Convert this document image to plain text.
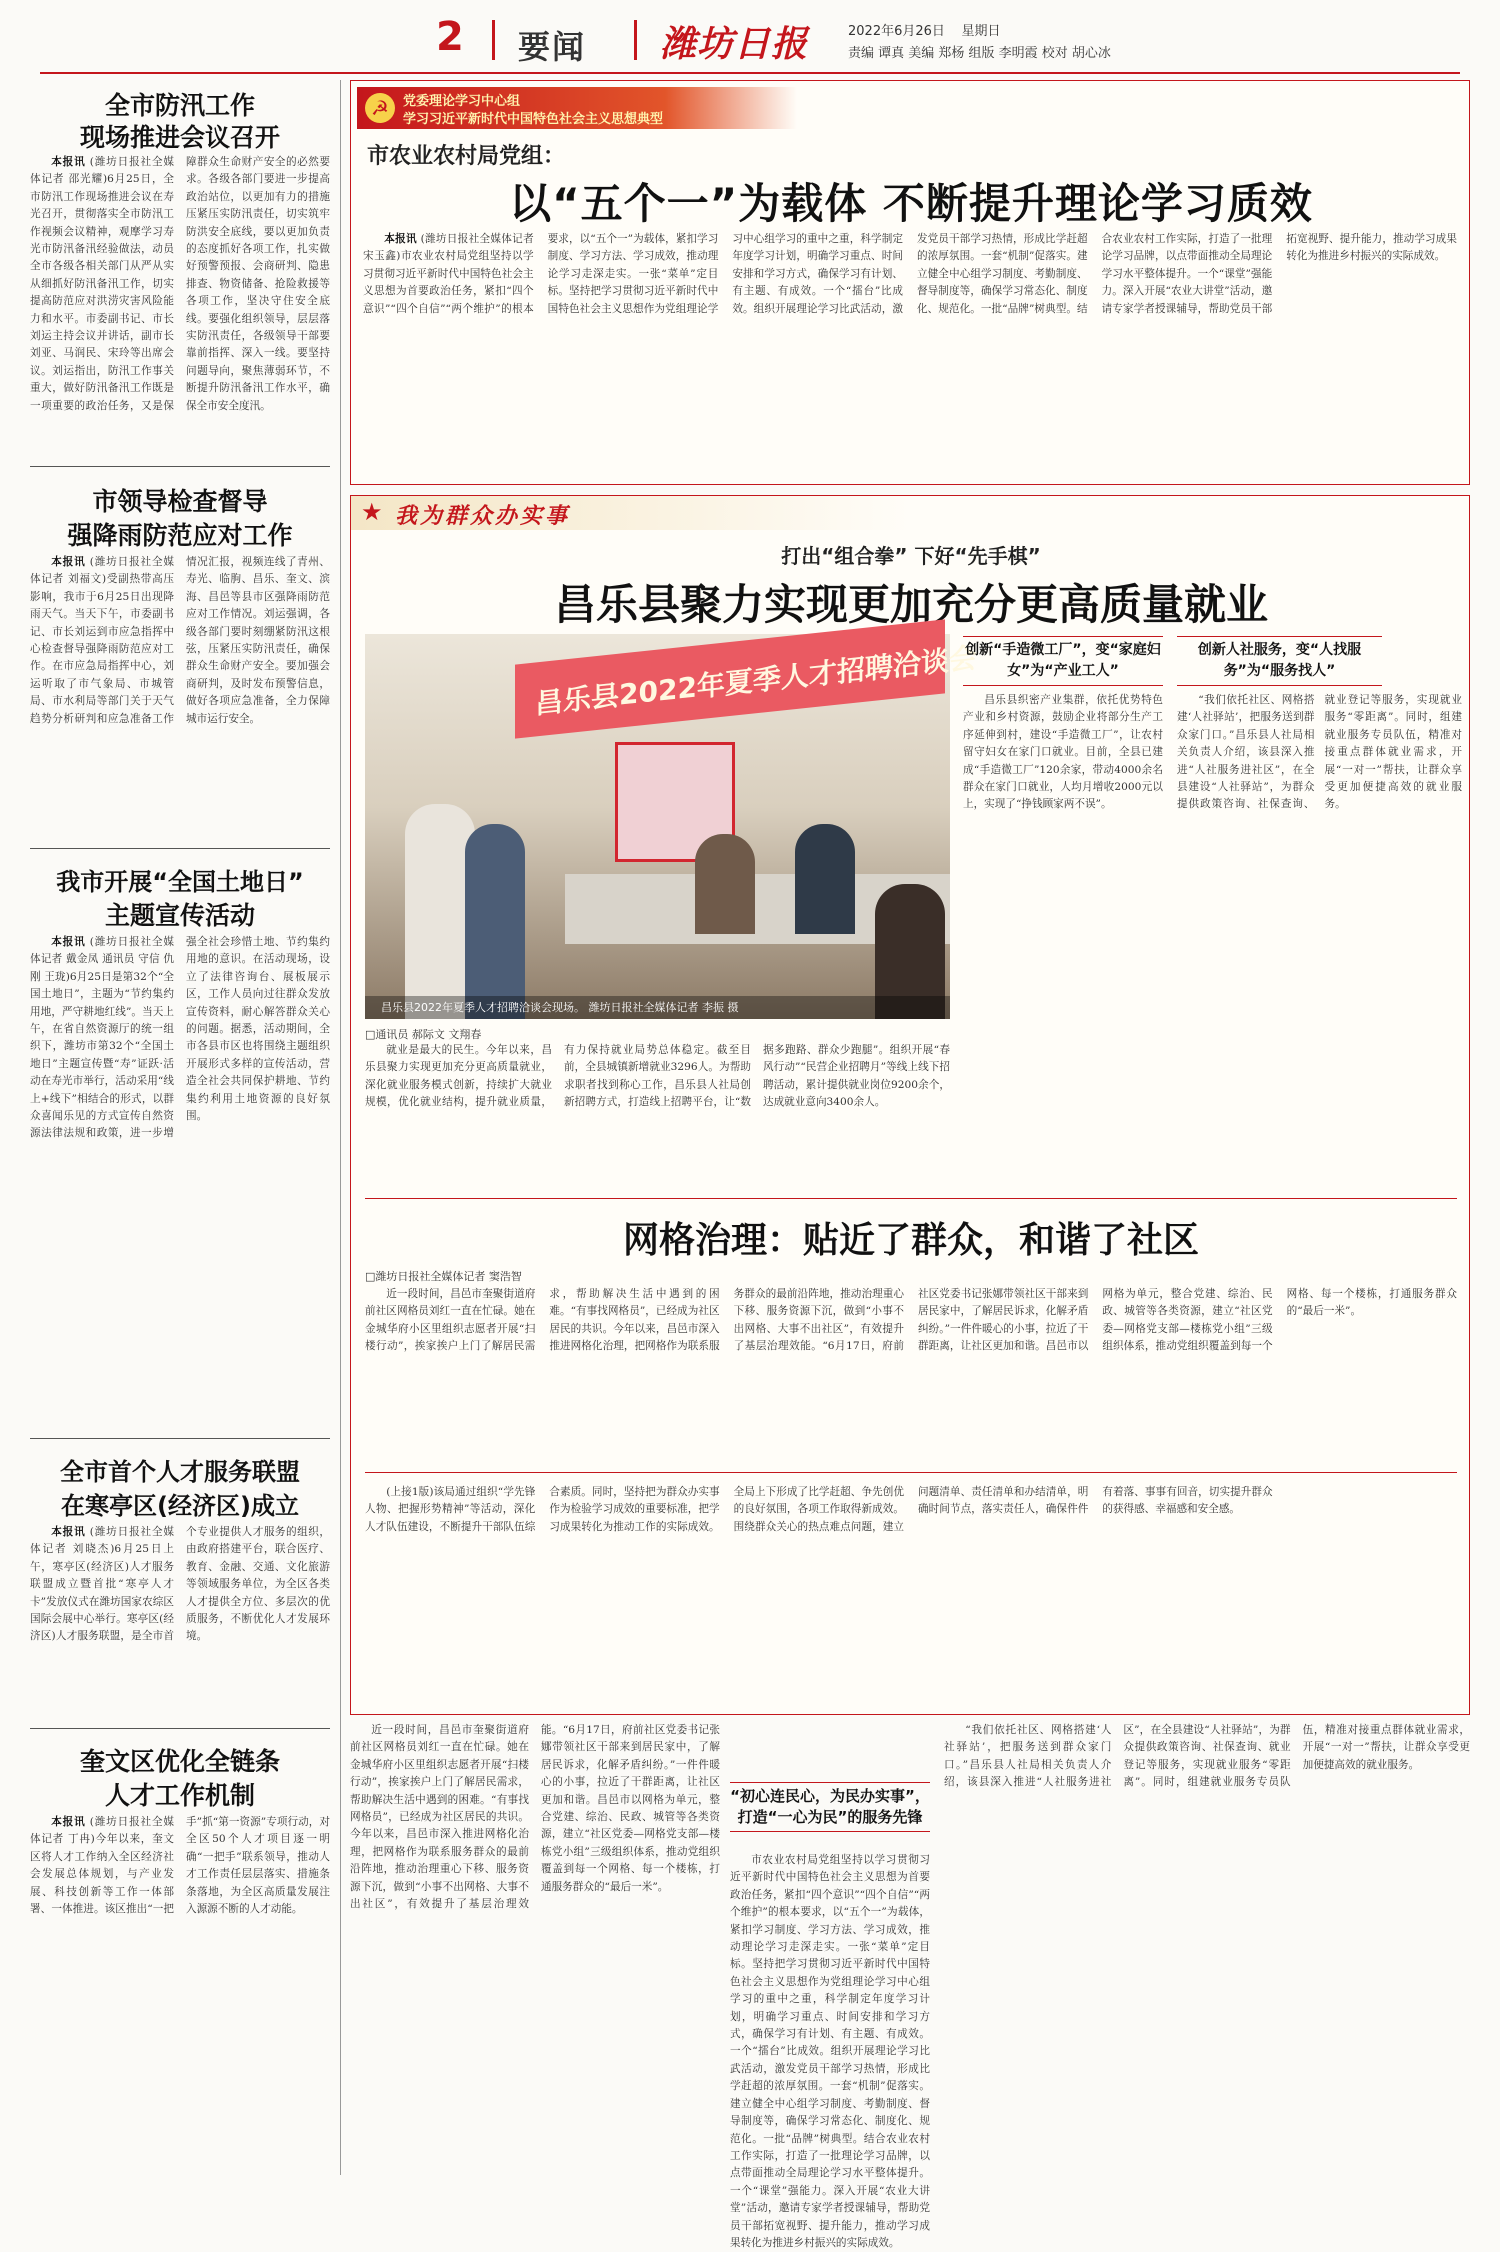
2 要闻 潍坊日报	2022年6月26日 星期日
责编 谭真 美编 郑杨 组版 李明霞 校对 胡心冰
全市防汛工作
现场推进会议召开

本报讯 (潍坊日报社全媒体记者 邵光耀)6月25日，全市防汛工作现场推进会议在寿光召开，贯彻落实全市防汛工作视频会议精神，观摩学习寿光市防汛备汛经验做法，动员全市各级各相关部门从严从实从细抓好防汛备汛工作，切实提高防范应对洪涝灾害风险能力和水平。市委副书记、市长刘运主持会议并讲话，副市长刘亚、马润民、宋玲等出席会议。刘运指出，防汛工作事关重大，做好防汛备汛工作既是一项重要的政治任务，又是保障群众生命财产安全的必然要求。各级各部门要进一步提高政治站位，以更加有力的措施压紧压实防汛责任，切实筑牢防洪安全底线，要以更加负责的态度抓好各项工作，扎实做好预警预报、会商研判、隐患排查、物资储备、抢险救援等各项工作，坚决守住安全底线。要强化组织领导，层层落实防汛责任，各级领导干部要靠前指挥、深入一线。要坚持问题导向，聚焦薄弱环节，不断提升防汛备汛工作水平，确保全市安全度汛。

市领导检查督导
强降雨防范应对工作

本报讯 (潍坊日报社全媒体记者 刘福文)受副热带高压影响，我市于6月25日出现降雨天气。当天下午，市委副书记、市长刘运到市应急指挥中心检查督导强降雨防范应对工作。在市应急局指挥中心，刘运听取了市气象局、市城管局、市水利局等部门关于天气趋势分析研判和应急准备工作情况汇报，视频连线了青州、寿光、临朐、昌乐、奎文、滨海、昌邑等县市区强降雨防范应对工作情况。刘运强调，各级各部门要时刻绷紧防汛这根弦，压紧压实防汛责任，确保群众生命财产安全。要加强会商研判，及时发布预警信息，做好各项应急准备，全力保障城市运行安全。

我市开展“全国土地日”
主题宣传活动

本报讯 (潍坊日报社全媒体记者 戴金凤 通讯员 守信 仇刚 王珑)6月25日是第32个“全国土地日”，主题为“节约集约用地，严守耕地红线”。当天上午，在省自然资源厅的统一组织下，潍坊市第32个“全国土地日”主题宣传暨“寿”证跃·活动在寿光市举行，活动采用“线上+线下”相结合的形式，以群众喜闻乐见的方式宣传自然资源法律法规和政策，进一步增强全社会珍惜土地、节约集约用地的意识。在活动现场，设立了法律咨询台、展板展示区，工作人员向过往群众发放宣传资料，耐心解答群众关心的问题。据悉，活动期间，全市各县市区也将围绕主题组织开展形式多样的宣传活动，营造全社会共同保护耕地、节约集约利用土地资源的良好氛围。

全市首个人才服务联盟
在寒亭区(经济区)成立

本报讯 (潍坊日报社全媒体记者 刘晓杰)6月25日上午，寒亭区(经济区)人才服务联盟成立暨首批“寒亭人才卡”发放仪式在潍坊国家农综区国际会展中心举行。寒亭区(经济区)人才服务联盟，是全市首个专业提供人才服务的组织，由政府搭建平台，联合医疗、教育、金融、交通、文化旅游等领域服务单位，为全区各类人才提供全方位、多层次的优质服务，不断优化人才发展环境。

奎文区优化全链条
人才工作机制

本报讯 (潍坊日报社全媒体记者 丁冉)今年以来，奎文区将人才工作纳入全区经济社会发展总体规划，与产业发展、科技创新等工作一体部署、一体推进。该区推出“一把手”抓“第一资源”专项行动，对全区50个人才项目逐一明确“一把手”联系领导，推动人才工作责任层层落实、措施条条落地，为全区高质量发展注入源源不断的人才动能。

☭	党委理论学习中心组
学习习近平新时代中国特色社会主义思想典型
市农业农村局党组：
以“五个一”为载体 不断提升理论学习质效

本报讯 (潍坊日报社全媒体记者 宋玉鑫)市农业农村局党组坚持以学习贯彻习近平新时代中国特色社会主义思想为首要政治任务，紧扣“四个意识”“四个自信”“两个维护”的根本要求，以“五个一”为载体，紧扣学习制度、学习方法、学习成效，推动理论学习走深走实。一张“菜单”定目标。坚持把学习贯彻习近平新时代中国特色社会主义思想作为党组理论学习中心组学习的重中之重，科学制定年度学习计划，明确学习重点、时间安排和学习方式，确保学习有计划、有主题、有成效。一个“擂台”比成效。组织开展理论学习比武活动，激发党员干部学习热情，形成比学赶超的浓厚氛围。一套“机制”促落实。建立健全中心组学习制度、考勤制度、督导制度等，确保学习常态化、制度化、规范化。一批“品牌”树典型。结合农业农村工作实际，打造了一批理论学习品牌，以点带面推动全局理论学习水平整体提升。一个“课堂”强能力。深入开展“农业大讲堂”活动，邀请专家学者授课辅导，帮助党员干部拓宽视野、提升能力，推动学习成果转化为推进乡村振兴的实际成效。

★ 我为群众办实事
打出“组合拳” 下好“先手棋”
昌乐县聚力实现更加充分更高质量就业
昌乐县2022年夏季人才招聘洽谈会
昌乐县2022年夏季人才招聘洽谈会现场。 潍坊日报社全媒体记者 李振 摄
□通讯员 郝际文 文翔春

就业是最大的民生。今年以来，昌乐县聚力实现更加充分更高质量就业，深化就业服务模式创新，持续扩大就业规模，优化就业结构，提升就业质量，有力保持就业局势总体稳定。截至目前，全县城镇新增就业3296人。为帮助求职者找到称心工作，昌乐县人社局创新招聘方式，打造线上招聘平台，让“数据多跑路、群众少跑腿”。组织开展“春风行动”“民营企业招聘月”等线上线下招聘活动，累计提供就业岗位9200余个，达成就业意向3400余人。

创新“手造微工厂”，变“家庭妇女”为“产业工人”

昌乐县织密产业集群，依托优势特色产业和乡村资源，鼓励企业将部分生产工序延伸到村，建设“手造微工厂”，让农村留守妇女在家门口就业。目前，全县已建成“手造微工厂”120余家，带动4000余名群众在家门口就业，人均月增收2000元以上，实现了“挣钱顾家两不误”。

创新人社服务，变“人找服务”为“服务找人”

“我们依托社区、网格搭建‘人社驿站’，把服务送到群众家门口。”昌乐县人社局相关负责人介绍，该县深入推进“人社服务进社区”，在全县建设“人社驿站”，为群众提供政策咨询、社保查询、就业登记等服务，实现就业服务“零距离”。同时，组建就业服务专员队伍，精准对接重点群体就业需求，开展“一对一”帮扶，让群众享受更加便捷高效的就业服务。

网格治理：贴近了群众，和谐了社区
□潍坊日报社全媒体记者 窦浩智

近一段时间，昌邑市奎聚街道府前社区网格员刘红一直在忙碌。她在金城华府小区里组织志愿者开展“扫楼行动”，挨家挨户上门了解居民需求，帮助解决生活中遇到的困难。“有事找网格员”，已经成为社区居民的共识。今年以来，昌邑市深入推进网格化治理，把网格作为联系服务群众的最前沿阵地，推动治理重心下移、服务资源下沉，做到“小事不出网格、大事不出社区”，有效提升了基层治理效能。“6月17日，府前社区党委书记张娜带领社区干部来到居民家中，了解居民诉求，化解矛盾纠纷。”一件件暖心的小事，拉近了干群距离，让社区更加和谐。昌邑市以网格为单元，整合党建、综治、民政、城管等各类资源，建立“社区党委—网格党支部—楼栋党小组”三级组织体系，推动党组织覆盖到每一个网格、每一个楼栋，打通服务群众的“最后一米”。

(上接1版)该局通过组织“学先锋人物、把握形势精神”等活动，深化人才队伍建设，不断提升干部队伍综合素质。同时，坚持把为群众办实事作为检验学习成效的重要标准，把学习成果转化为推动工作的实际成效。全局上下形成了比学赶超、争先创优的良好氛围，各项工作取得新成效。围绕群众关心的热点难点问题，建立问题清单、责任清单和办结清单，明确时间节点，落实责任人，确保件件有着落、事事有回音，切实提升群众的获得感、幸福感和安全感。

“初心连民心，为民办实事”，打造“一心为民”的服务先锋

近一段时间，昌邑市奎聚街道府前社区网格员刘红一直在忙碌。她在金城华府小区里组织志愿者开展“扫楼行动”，挨家挨户上门了解居民需求，帮助解决生活中遇到的困难。“有事找网格员”，已经成为社区居民的共识。今年以来，昌邑市深入推进网格化治理，把网格作为联系服务群众的最前沿阵地，推动治理重心下移、服务资源下沉，做到“小事不出网格、大事不出社区”，有效提升了基层治理效能。“6月17日，府前社区党委书记张娜带领社区干部来到居民家中，了解居民诉求，化解矛盾纠纷。”一件件暖心的小事，拉近了干群距离，让社区更加和谐。昌邑市以网格为单元，整合党建、综治、民政、城管等各类资源，建立“社区党委—网格党支部—楼栋党小组”三级组织体系，推动党组织覆盖到每一个网格、每一个楼栋，打通服务群众的“最后一米”。

市农业农村局党组坚持以学习贯彻习近平新时代中国特色社会主义思想为首要政治任务，紧扣“四个意识”“四个自信”“两个维护”的根本要求，以“五个一”为载体，紧扣学习制度、学习方法、学习成效，推动理论学习走深走实。一张“菜单”定目标。坚持把学习贯彻习近平新时代中国特色社会主义思想作为党组理论学习中心组学习的重中之重，科学制定年度学习计划，明确学习重点、时间安排和学习方式，确保学习有计划、有主题、有成效。一个“擂台”比成效。组织开展理论学习比武活动，激发党员干部学习热情，形成比学赶超的浓厚氛围。一套“机制”促落实。建立健全中心组学习制度、考勤制度、督导制度等，确保学习常态化、制度化、规范化。一批“品牌”树典型。结合农业农村工作实际，打造了一批理论学习品牌，以点带面推动全局理论学习水平整体提升。一个“课堂”强能力。深入开展“农业大讲堂”活动，邀请专家学者授课辅导，帮助党员干部拓宽视野、提升能力，推动学习成果转化为推进乡村振兴的实际成效。

“我们依托社区、网格搭建‘人社驿站’，把服务送到群众家门口。”昌乐县人社局相关负责人介绍，该县深入推进“人社服务进社区”，在全县建设“人社驿站”，为群众提供政策咨询、社保查询、就业登记等服务，实现就业服务“零距离”。同时，组建就业服务专员队伍，精准对接重点群体就业需求，开展“一对一”帮扶，让群众享受更加便捷高效的就业服务。
